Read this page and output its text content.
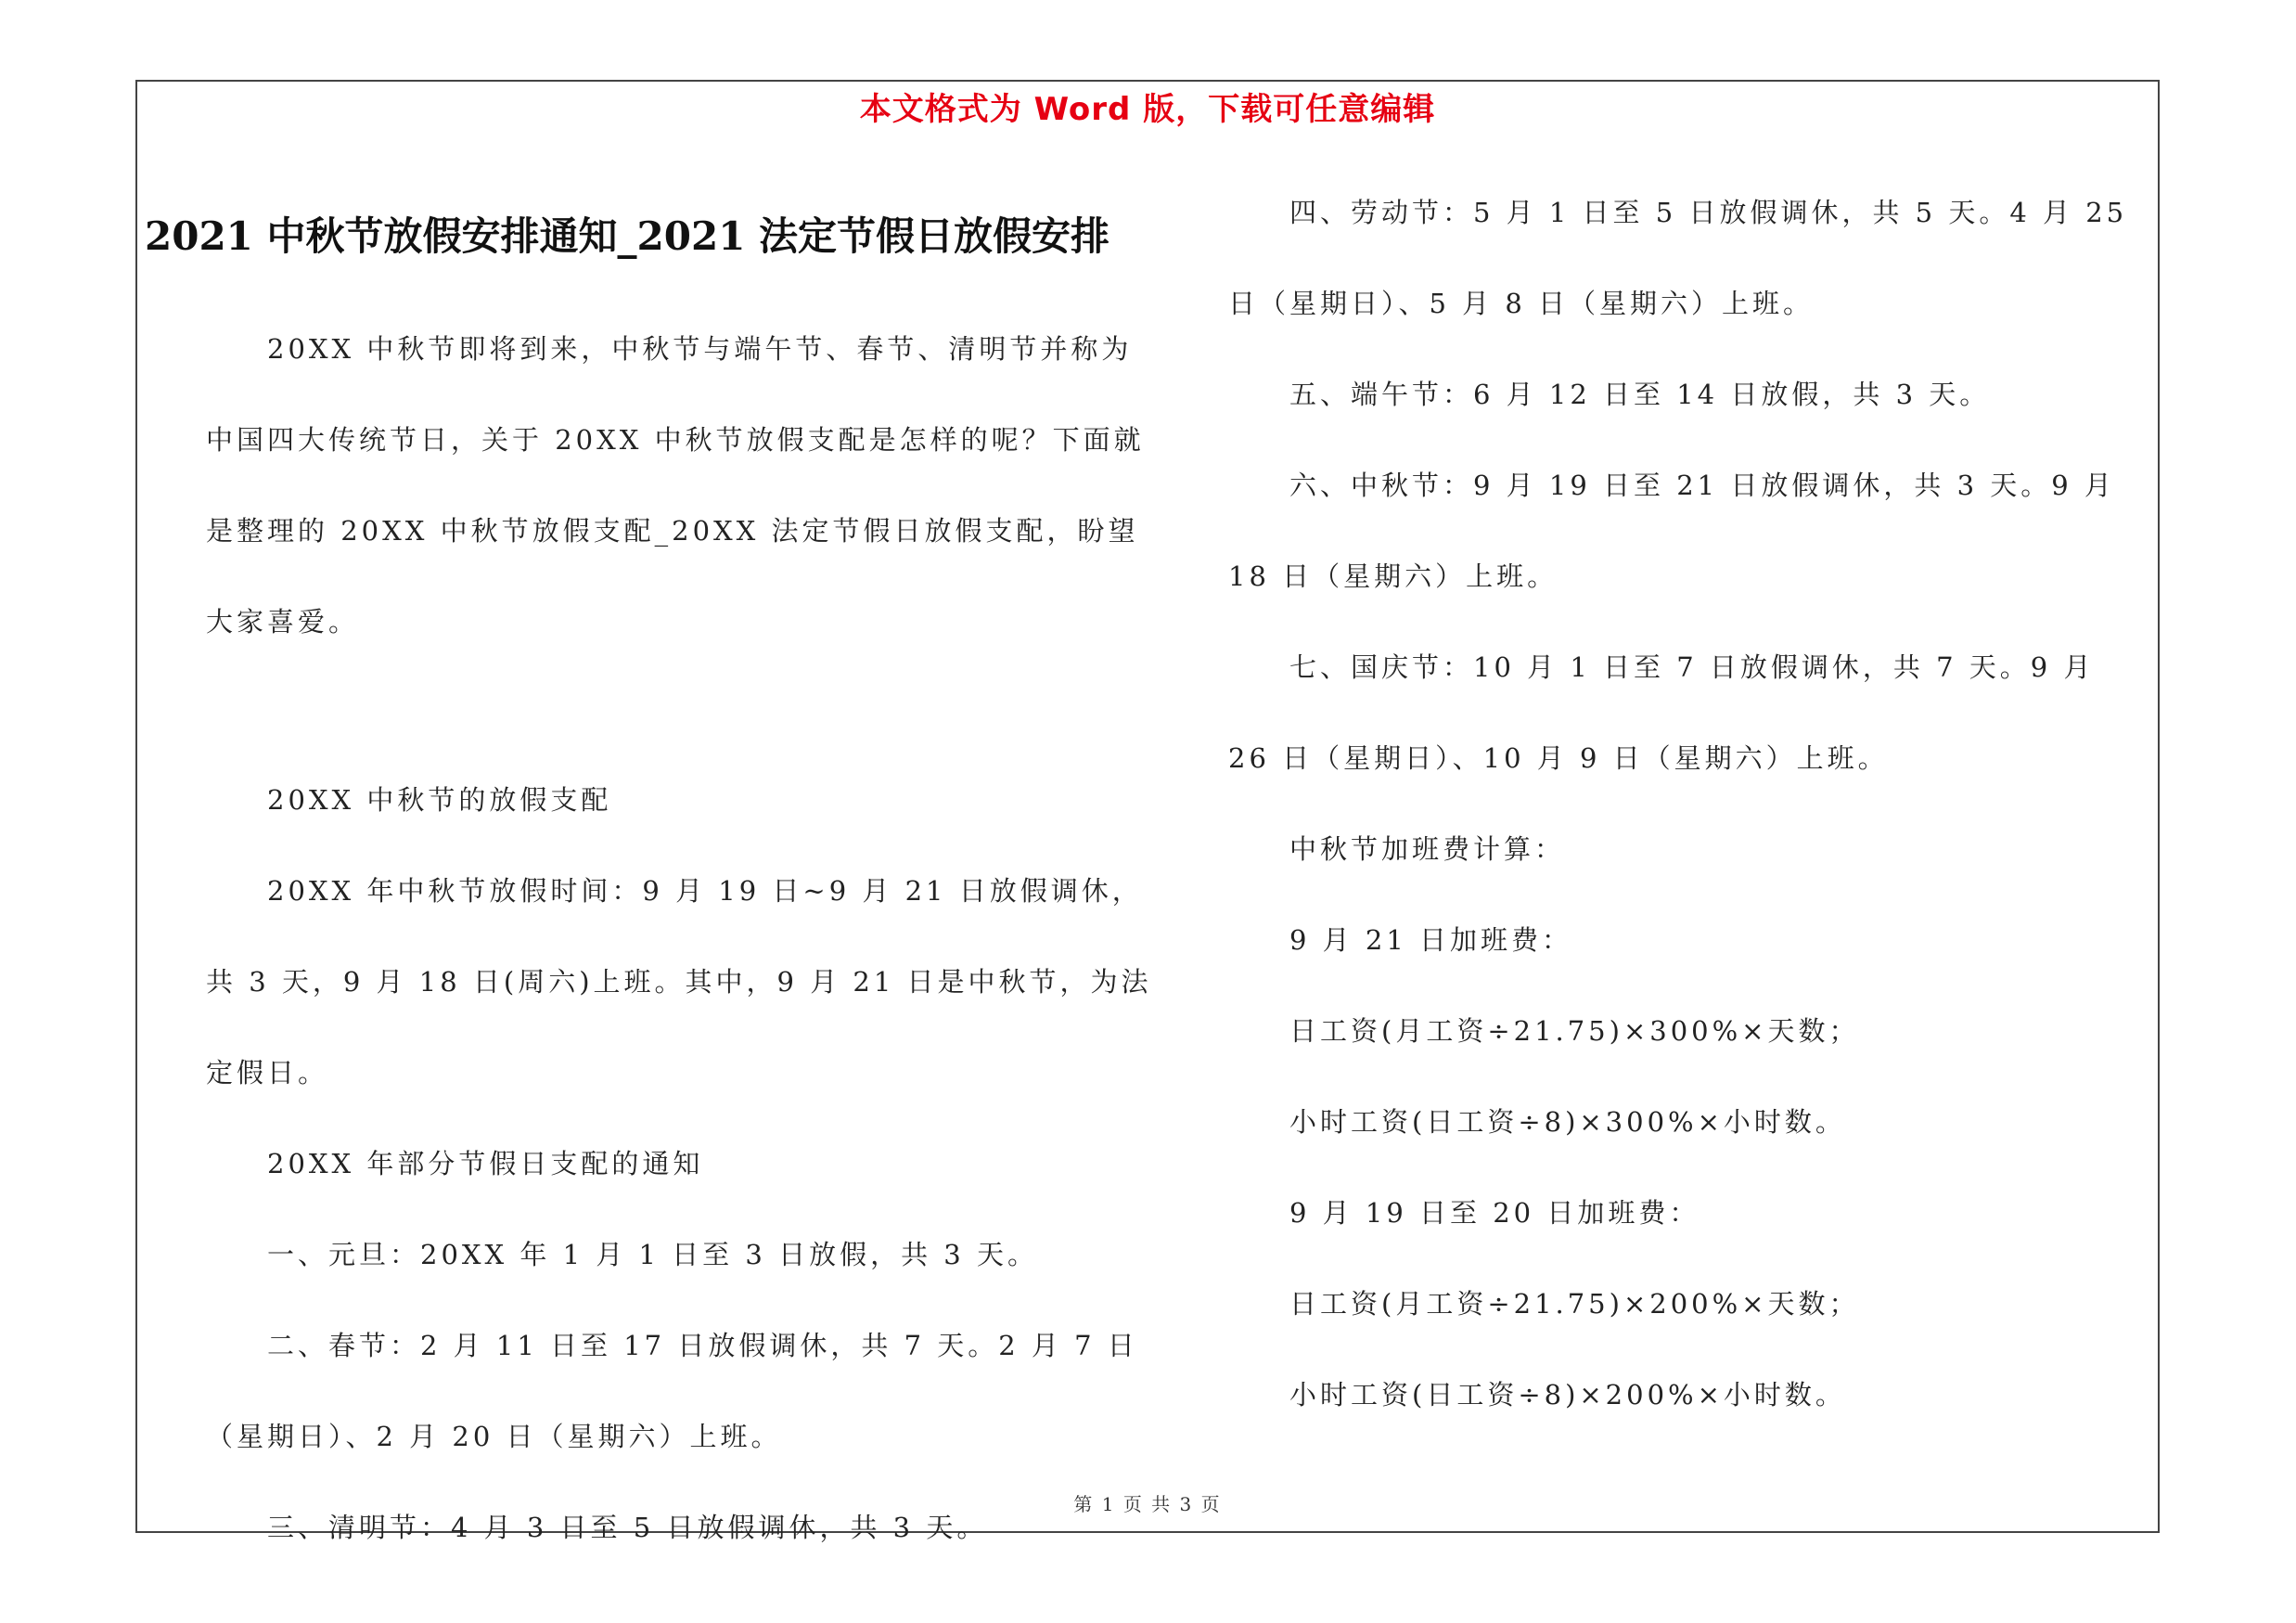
本文格式为 Word 版，下载可任意编辑
2021 中秋节放假安排通知_2021 法定节假日放假安排

20XX 中秋节即将到来，中秋节与端午节、春节、清明节并称为中国四大传统节日，关于 20XX 中秋节放假支配是怎样的呢？下面就是整理的 20XX 中秋节放假支配_20XX 法定节假日放假支配，盼望大家喜爱。

20XX 中秋节的放假支配

20XX 年中秋节放假时间：9 月 19 日~9 月 21 日放假调休，共 3 天，9 月 18 日(周六)上班。其中，9 月 21 日是中秋节，为法定假日。

20XX 年部分节假日支配的通知

一、元旦：20XX 年 1 月 1 日至 3 日放假，共 3 天。

二、春节：2 月 11 日至 17 日放假调休，共 7 天。2 月 7 日（星期日）、2 月 20 日（星期六）上班。

三、清明节：4 月 3 日至 5 日放假调休，共 3 天。

四、劳动节：5 月 1 日至 5 日放假调休，共 5 天。4 月 25 日（星期日）、5 月 8 日（星期六）上班。

五、端午节：6 月 12 日至 14 日放假，共 3 天。

六、中秋节：9 月 19 日至 21 日放假调休，共 3 天。9 月 18 日（星期六）上班。

七、国庆节：10 月 1 日至 7 日放假调休，共 7 天。9 月 26 日（星期日）、10 月 9 日（星期六）上班。

中秋节加班费计算：

9 月 21 日加班费：

日工资(月工资÷21.75)×300%×天数；

小时工资(日工资÷8)×300%×小时数。

9 月 19 日至 20 日加班费：

日工资(月工资÷21.75)×200%×天数；

小时工资(日工资÷8)×200%×小时数。

第 1 页 共 3 页
